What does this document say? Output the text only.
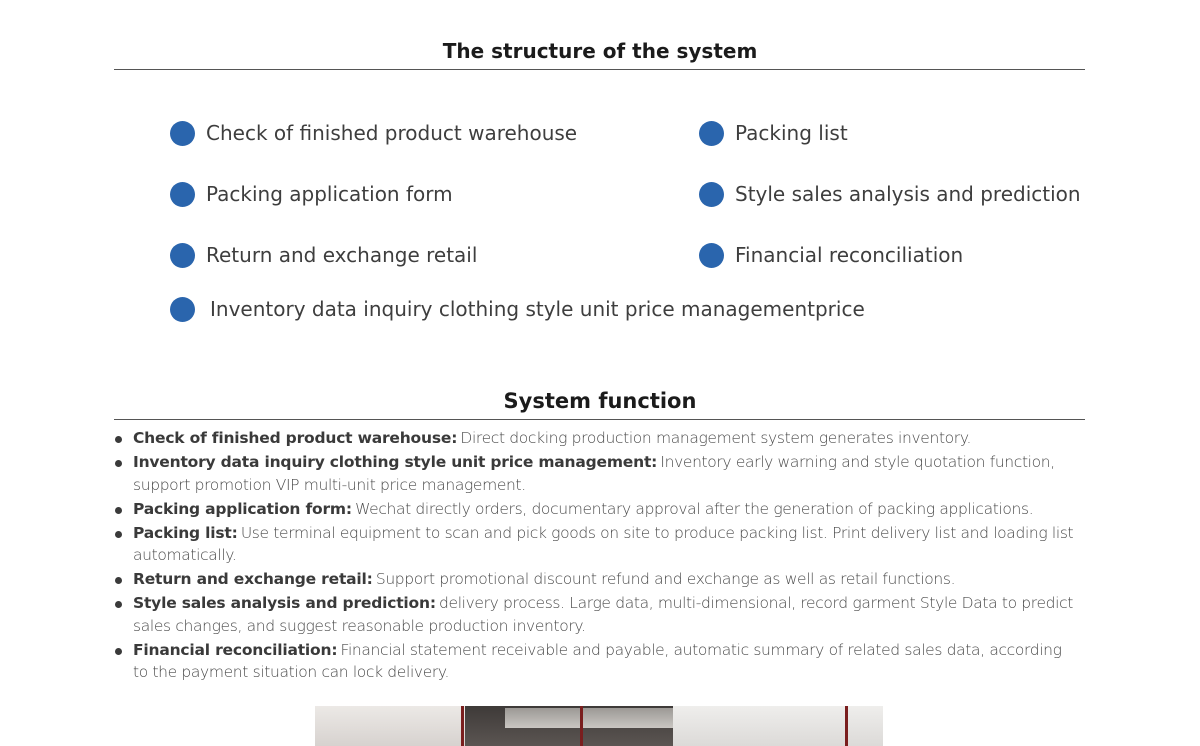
The structure of the system
Check of finished product warehouse	Packing list
Packing application form	Style sales analysis and prediction
Return and exchange retail	Financial reconciliation
Inventory data inquiry clothing style unit price managementprice
System function
Check of finished product warehouse: Direct docking production management system generates inventory.
Inventory data inquiry clothing style unit price management: Inventory early warning and style quotation function, support promotion VIP multi-unit price management.
Packing application form: Wechat directly orders, documentary approval after the generation of packing applications.
Packing list: Use terminal equipment to scan and pick goods on site to produce packing list. Print delivery list and loading list automatically.
Return and exchange retail: Support promotional discount refund and exchange as well as retail functions.
Style sales analysis and prediction: delivery process. Large data, multi-dimensional, record garment Style Data to predict sales changes, and suggest reasonable production inventory.
Financial reconciliation: Financial statement receivable and payable, automatic summary of related sales data, according to the payment situation can lock delivery.
